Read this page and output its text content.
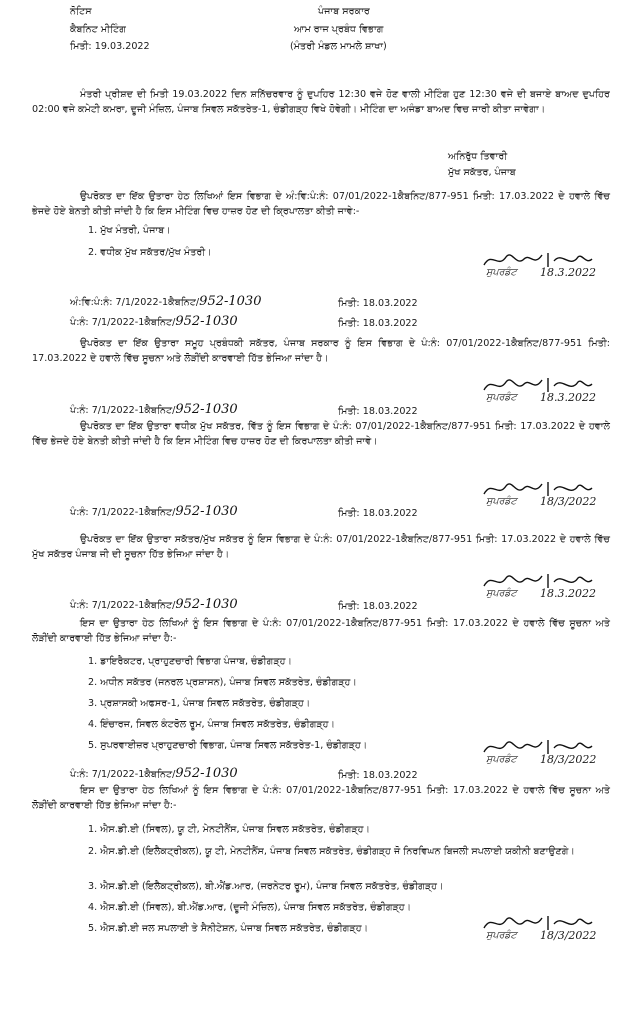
ਨੋਟਿਸ
ਕੈਬਨਿਟ ਮੀਟਿੰਗ
ਮਿਤੀ: 19.03.2022
ਪੰਜਾਬ ਸਰਕਾਰ
ਆਮ ਰਾਜ ਪ੍ਰਬੰਧ ਵਿਭਾਗ
(ਮੰਤਰੀ ਮੰਡਲ ਮਾਮਲੇ ਸ਼ਾਖਾ)
ਮੰਤਰੀ ਪ੍ਰੀਸ਼ਦ ਦੀ ਮਿਤੀ 19.03.2022 ਦਿਨ ਸ਼ਨਿੱਚਰਵਾਰ ਨੂੰ ਦੁਪਹਿਰ 12:30 ਵਜੇ ਹੋਣ ਵਾਲੀ ਮੀਟਿੰਗ ਹੁਣ 12:30 ਵਜੇ ਦੀ ਬਜਾਏ ਬਾਅਦ ਦੁਪਹਿਰ 02:00 ਵਜੇ ਕਮੇਟੀ ਕਮਰਾ, ਦੂਜੀ ਮੰਜ਼ਿਲ, ਪੰਜਾਬ ਸਿਵਲ ਸਕੱਤਰੇਤ-1, ਚੰਡੀਗੜ੍ਹ ਵਿਖੇ ਹੋਵੇਗੀ। ਮੀਟਿੰਗ ਦਾ ਅਜੰਡਾ ਬਾਅਦ ਵਿਚ ਜਾਰੀ ਕੀਤਾ ਜਾਵੇਗਾ।
ਅਨਿਰੁੱਧ ਤਿਵਾਰੀ
ਮੁੱਖ ਸਕੱਤਰ, ਪੰਜਾਬ
ਉਪਰੋਕਤ ਦਾ ਇੱਕ ਉਤਾਰਾ ਹੇਠ ਲਿਖਿਆਂ ਇਸ ਵਿਭਾਗ ਦੇ ਅੰ:ਵਿ:ਪੰ:ਨੰ: 07/01/2022-1ਕੈਬਨਿਟ/877-951 ਮਿਤੀ: 17.03.2022 ਦੇ ਹਵਾਲੇ ਵਿੱਚ ਭੇਜਦੇ ਹੋਏ ਬੇਨਤੀ ਕੀਤੀ ਜਾਂਦੀ ਹੈ ਕਿ ਇਸ ਮੀਟਿੰਗ ਵਿਚ ਹਾਜ਼ਰ ਹੋਣ ਦੀ ਕ੍ਰਿਪਾਲਤਾ ਕੀਤੀ ਜਾਵੇ:-
1. ਮੁੱਖ ਮੰਤਰੀ, ਪੰਜਾਬ।
2. ਵਧੀਕ ਮੁੱਖ ਸਕੱਤਰ/ਮੁੱਖ ਮੰਤਰੀ।
ਸੁਪਰਡੰਟ 18.3.2022
ਅੰ:ਵਿ:ਪੰ:ਨੰ: 7/1/2022-1ਕੈਬਨਿਟ/952-1030	ਮਿਤੀ: 18.03.2022
ਪੰ:ਨੰ: 7/1/2022-1ਕੈਬਨਿਟ/952-1030	ਮਿਤੀ: 18.03.2022
ਉਪਰੋਕਤ ਦਾ ਇੱਕ ਉਤਾਰਾ ਸਮੂਹ ਪ੍ਰਬੰਧਕੀ ਸਕੱਤਰ, ਪੰਜਾਬ ਸਰਕਾਰ ਨੂੰ ਇਸ ਵਿਭਾਗ ਦੇ ਪੰ:ਨੰ: 07/01/2022-1ਕੈਬਨਿਟ/877-951 ਮਿਤੀ: 17.03.2022 ਦੇ ਹਵਾਲੇ ਵਿੱਚ ਸੂਚਨਾ ਅਤੇ ਲੋੜੀਂਦੀ ਕਾਰਵਾਈ ਹਿੱਤ ਭੇਜਿਆ ਜਾਂਦਾ ਹੈ।
ਸੁਪਰਡੰਟ 18.3.2022
ਪੰ:ਨੰ: 7/1/2022-1ਕੈਬਨਿਟ/952-1030	ਮਿਤੀ: 18.03.2022
ਉਪਰੋਕਤ ਦਾ ਇੱਕ ਉਤਾਰਾ ਵਧੀਕ ਮੁੱਖ ਸਕੱਤਰ, ਵਿੱਤ ਨੂੰ ਇਸ ਵਿਭਾਗ ਦੇ ਪੰ:ਨੰ: 07/01/2022-1ਕੈਬਨਿਟ/877-951 ਮਿਤੀ: 17.03.2022 ਦੇ ਹਵਾਲੇ ਵਿੱਚ ਭੇਜਦੇ ਹੋਏ ਬੇਨਤੀ ਕੀਤੀ ਜਾਂਦੀ ਹੈ ਕਿ ਇਸ ਮੀਟਿੰਗ ਵਿਚ ਹਾਜ਼ਰ ਹੋਣ ਦੀ ਕਿਰਪਾਲਤਾ ਕੀਤੀ ਜਾਵੇ।
ਸੁਪਰਡੰਟ 18/3/2022
ਪੰ:ਨੰ: 7/1/2022-1ਕੈਬਨਿਟ/952-1030	ਮਿਤੀ: 18.03.2022
ਉਪਰੋਕਤ ਦਾ ਇੱਕ ਉਤਾਰਾ ਸਕੱਤਰ/ਮੁੱਖ ਸਕੱਤਰ ਨੂੰ ਇਸ ਵਿਭਾਗ ਦੇ ਪੰ:ਨੰ: 07/01/2022-1ਕੈਬਨਿਟ/877-951 ਮਿਤੀ: 17.03.2022 ਦੇ ਹਵਾਲੇ ਵਿੱਚ ਮੁੱਖ ਸਕੱਤਰ ਪੰਜਾਬ ਜੀ ਦੀ ਸੂਚਨਾ ਹਿੱਤ ਭੇਜਿਆ ਜਾਂਦਾ ਹੈ।
ਸੁਪਰਡੰਟ 18.3.2022
ਪੰ:ਨੰ: 7/1/2022-1ਕੈਬਨਿਟ/952-1030	ਮਿਤੀ: 18.03.2022
ਇਸ ਦਾ ਉਤਾਰਾ ਹੇਠ ਲਿਖਿਆਂ ਨੂੰ ਇਸ ਵਿਭਾਗ ਦੇ ਪੰ:ਨੰ: 07/01/2022-1ਕੈਬਨਿਟ/877-951 ਮਿਤੀ: 17.03.2022 ਦੇ ਹਵਾਲੇ ਵਿੱਚ ਸੂਚਨਾ ਅਤੇ ਲੋੜੀਂਦੀ ਕਾਰਵਾਈ ਹਿੱਤ ਭੇਜਿਆ ਜਾਂਦਾ ਹੈ:-
1. ਡਾਇਰੈਕਟਰ, ਪ੍ਰਾਹੁਣਚਾਰੀ ਵਿਭਾਗ ਪੰਜਾਬ, ਚੰਡੀਗੜ੍ਹ।
2. ਅਧੀਨ ਸਕੱਤਰ (ਜਨਰਲ ਪ੍ਰਸ਼ਾਸਨ), ਪੰਜਾਬ ਸਿਵਲ ਸਕੱਤਰੇਤ, ਚੰਡੀਗੜ੍ਹ।
3. ਪ੍ਰਸ਼ਾਸਕੀ ਅਫਸਰ-1, ਪੰਜਾਬ ਸਿਵਲ ਸਕੱਤਰੇਤ, ਚੰਡੀਗੜ੍ਹ।
4. ਇੰਚਾਰਜ, ਸਿਵਲ ਕੰਟਰੋਲ ਰੂਮ, ਪੰਜਾਬ ਸਿਵਲ ਸਕੱਤਰੇਤ, ਚੰਡੀਗੜ੍ਹ।
5. ਸੁਪਰਵਾਈਜ਼ਰ ਪ੍ਰਾਹੁਣਚਾਰੀ ਵਿਭਾਗ, ਪੰਜਾਬ ਸਿਵਲ ਸਕੱਤਰੇਤ-1, ਚੰਡੀਗੜ੍ਹ।
ਸੁਪਰਡੰਟ 18/3/2022
ਪੰ:ਨੰ: 7/1/2022-1ਕੈਬਨਿਟ/952-1030	ਮਿਤੀ: 18.03.2022
ਇਸ ਦਾ ਉਤਾਰਾ ਹੇਠ ਲਿਖਿਆਂ ਨੂੰ ਇਸ ਵਿਭਾਗ ਦੇ ਪੰ:ਨੰ: 07/01/2022-1ਕੈਬਨਿਟ/877-951 ਮਿਤੀ: 17.03.2022 ਦੇ ਹਵਾਲੇ ਵਿੱਚ ਸੂਚਨਾ ਅਤੇ ਲੋੜੀਂਦੀ ਕਾਰਵਾਈ ਹਿੱਤ ਭੇਜਿਆ ਜਾਂਦਾ ਹੈ:-
1. ਐਸ.ਡੀ.ਈ (ਸਿਵਲ), ਯੂ ਟੀ, ਮੇਨਟੀਨੈਂਸ, ਪੰਜਾਬ ਸਿਵਲ ਸਕੱਤਰੇਤ, ਚੰਡੀਗੜ੍ਹ।
2. ਐਸ.ਡੀ.ਈ (ਇਲੈਕਟ੍ਰੀਕਲ), ਯੂ ਟੀ, ਮੇਨਟੀਨੈਂਸ, ਪੰਜਾਬ ਸਿਵਲ ਸਕੱਤਰੇਤ, ਚੰਡੀਗੜ੍ਹ ਜੋ ਨਿਰਵਿਘਨ ਬਿਜਲੀ ਸਪਲਾਈ ਯਕੀਨੀ ਬਣਾਉਣਗੇ।
3. ਐਸ.ਡੀ.ਈ (ਇਲੈਕਟ੍ਰੀਕਲ), ਬੀ.ਐਂਡ.ਆਰ, (ਜਰਨੇਟਰ ਰੂਮ), ਪੰਜਾਬ ਸਿਵਲ ਸਕੱਤਰੇਤ, ਚੰਡੀਗੜ੍ਹ।
4. ਐਸ.ਡੀ.ਈ (ਸਿਵਲ), ਬੀ.ਐਂਡ.ਆਰ, (ਦੂਜੀ ਮੰਜ਼ਿਲ), ਪੰਜਾਬ ਸਿਵਲ ਸਕੱਤਰੇਤ, ਚੰਡੀਗੜ੍ਹ।
5. ਐਸ.ਡੀ.ਈ ਜਲ ਸਪਲਾਈ ਤੇ ਸੈਨੀਟੇਸ਼ਨ, ਪੰਜਾਬ ਸਿਵਲ ਸਕੱਤਰੇਤ, ਚੰਡੀਗੜ੍ਹ।
ਸੁਪਰਡੰਟ 18/3/2022
